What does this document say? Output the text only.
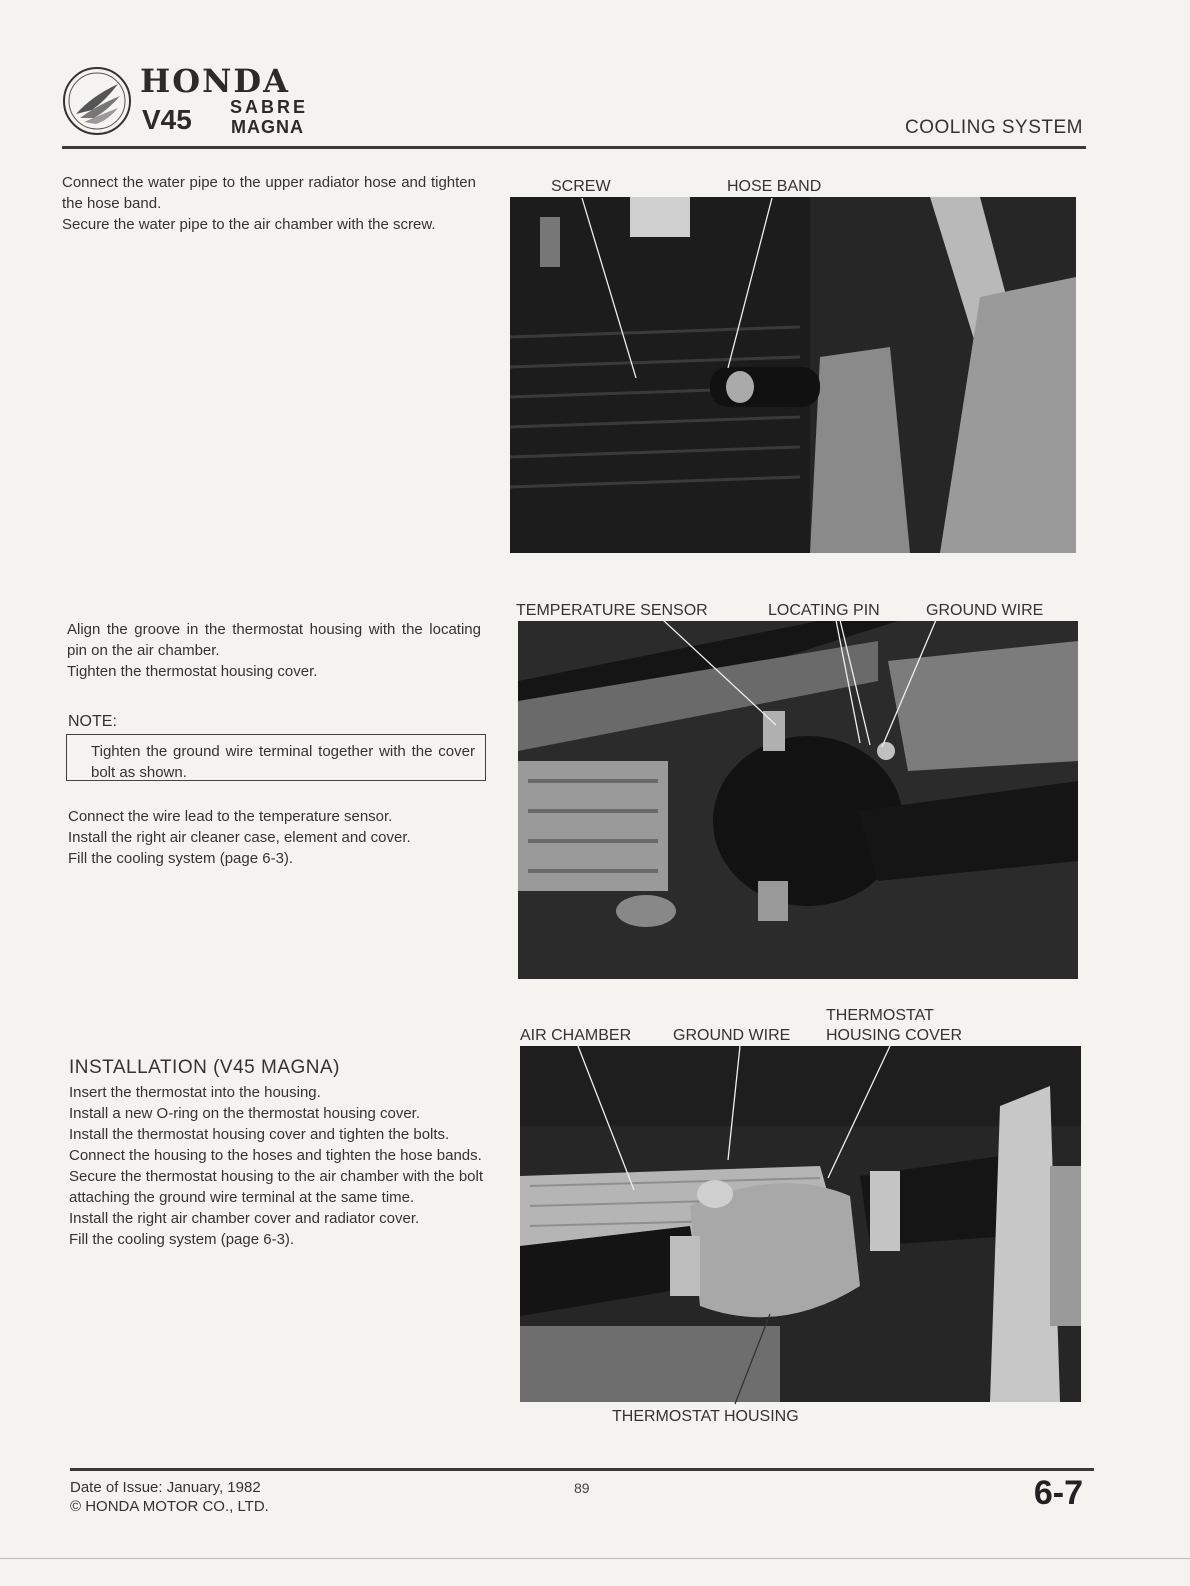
HONDA
V45 SABRE
MAGNA	COOLING SYSTEM
Connect the water pipe to the upper radiator hose and tighten the hose band.
Secure the water pipe to the air chamber with the screw.
SCREW	HOSE BAND
Align the groove in the thermostat housing with the locating pin on the air chamber.
Tighten the thermostat housing cover.
NOTE:
Tighten the ground wire terminal together with the cover bolt as shown.
Connect the wire lead to the temperature sensor.
Install the right air cleaner case, element and cover.
Fill the cooling system (page 6-3).
TEMPERATURE SENSOR	LOCATING PIN	GROUND WIRE
INSTALLATION (V45 MAGNA)
Insert the thermostat into the housing.
Install a new O-ring on the thermostat housing cover.
Install the thermostat housing cover and tighten the bolts.
Connect the housing to the hoses and tighten the hose bands.
Secure the thermostat housing to the air chamber with the bolt attaching the ground wire terminal at the same time.
Install the right air chamber cover and radiator cover.
Fill the cooling system (page 6-3).
AIR CHAMBER	GROUND WIRE
THERMOSTAT
HOUSING COVER
THERMOSTAT HOUSING
Date of Issue: January, 1982
© HONDA MOTOR CO., LTD.
89	6-7
